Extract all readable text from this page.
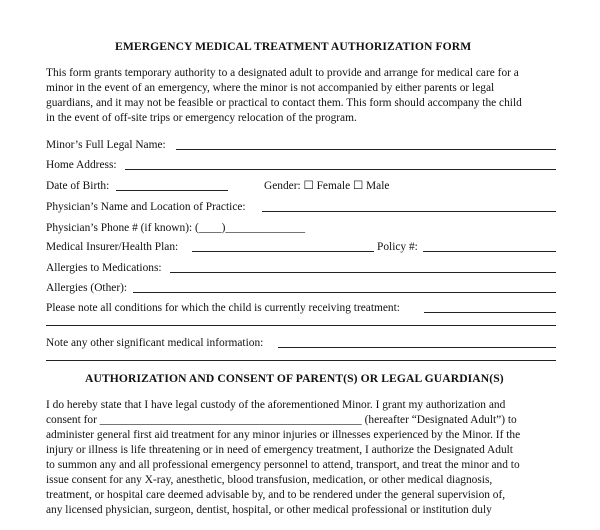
EMERGENCY MEDICAL TREATMENT AUTHORIZATION FORM
This form grants temporary authority to a designated adult to provide and arrange for medical care for a
minor in the event of an emergency, where the minor is not accompanied by either parents or legal
guardians, and it may not be feasible or practical to contact them. This form should accompany the child
in the event of off-site trips or emergency relocation of the program.
Minor’s Full Legal Name:
Home Address:
Date of Birth:	Gender: ☐ Female ☐ Male
Physician’s Name and Location of Practice:
Physician’s Phone # (if known): (____)______________
Medical Insurer/Health Plan:	Policy #:
Allergies to Medications:
Allergies (Other):
Please note all conditions for which the child is currently receiving treatment:
Note any other significant medical information:
AUTHORIZATION AND CONSENT OF PARENT(S) OR LEGAL GUARDIAN(S)
I do hereby state that I have legal custody of the aforementioned Minor. I grant my authorization and
consent for ______________________________________________ (hereafter “Designated Adult”) to
administer general first aid treatment for any minor injuries or illnesses experienced by the Minor. If the
injury or illness is life threatening or in need of emergency treatment, I authorize the Designated Adult
to summon any and all professional emergency personnel to attend, transport, and treat the minor and to
issue consent for any X-ray, anesthetic, blood transfusion, medication, or other medical diagnosis,
treatment, or hospital care deemed advisable by, and to be rendered under the general supervision of,
any licensed physician, surgeon, dentist, hospital, or other medical professional or institution duly
